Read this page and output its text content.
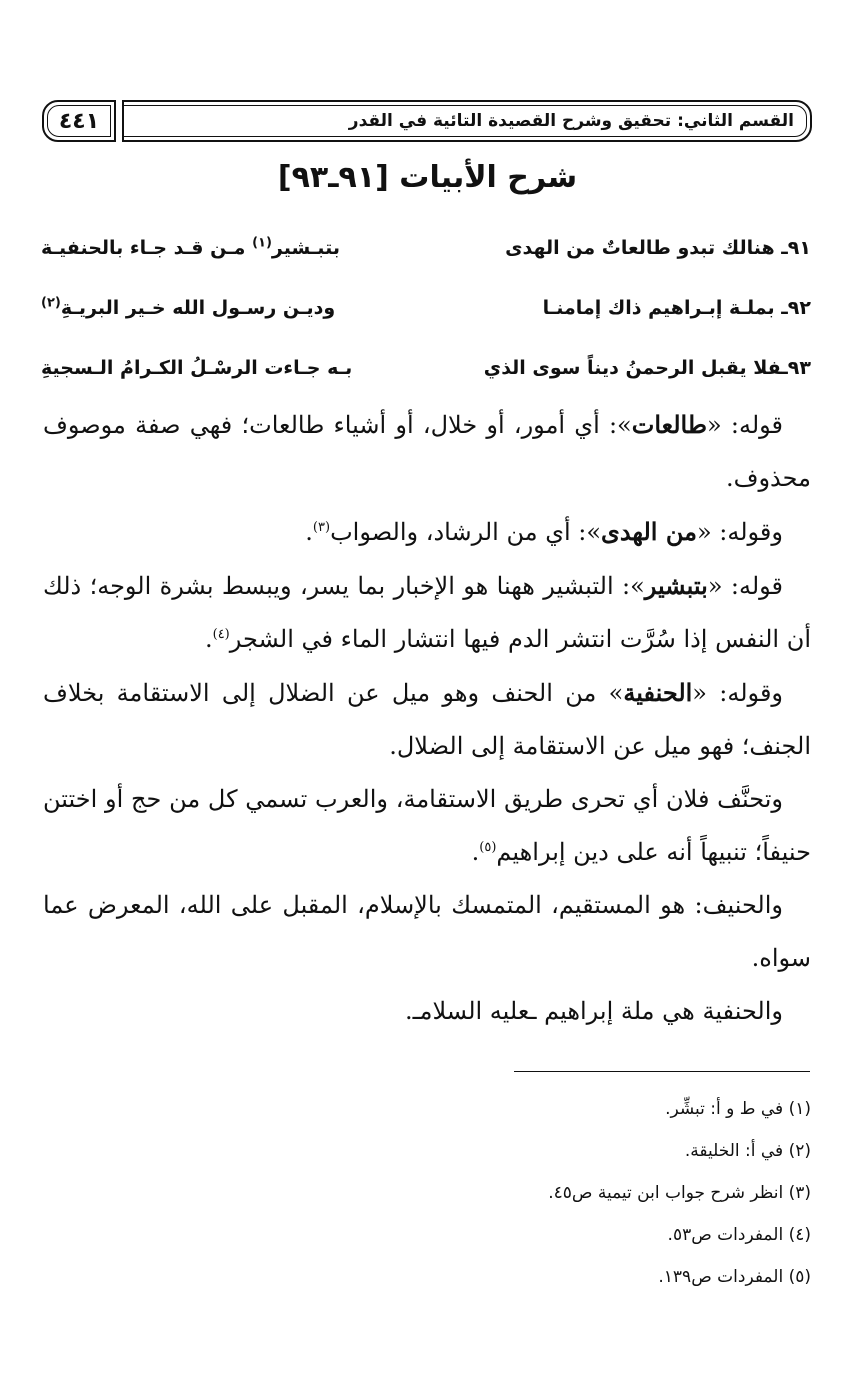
القسم الثاني: تحقيق وشرح القصيدة التائية في القدر
٤٤١
شرح الأبيات [٩١ـ٩٣]
٩١ـ هنالك تبدو طالعاتٌ من الهدى
بتبـشير$^{(١)}$ مـن قـد جـاء بالحنفيـة
٩٢ـ بملـة إبـراهيم ذاك إمامنـا
وديـن رسـول الله خـير البريـةِ$^{(٢)}$
٩٣ـفلا يقبل الرحمنُ ديناً سوى الذي
بـه جـاءت الرسْـلُ الكـرامُ الـسجيةِ

قوله: «طالعات»: أي أمور، أو خلال، أو أشياء طالعات؛ فهي صفة موصوف محذوف.

وقوله: «من الهدى»: أي من الرشاد، والصواب$^{(٣)}$.

قوله: «بتبشير»: التبشير ههنا هو الإخبار بما يسر، ويبسط بشرة الوجه؛ ذلك أن النفس إذا سُرَّت انتشر الدم فيها انتشار الماء في الشجر$^{(٤)}$.

وقوله: «الحنفية» من الحنف وهو ميل عن الضلال إلى الاستقامة بخلاف الجنف؛ فهو ميل عن الاستقامة إلى الضلال.

وتحنَّف فلان أي تحرى طريق الاستقامة، والعرب تسمي كل من حج أو اختتن حنيفاً؛ تنبيهاً أنه على دين إبراهيم$^{(٥)}$.

والحنيف: هو المستقيم، المتمسك بالإسلام، المقبل على الله، المعرض عما سواه.

والحنفية هي ملة إبراهيم ـعليه السلامـ.

(١) في ط و أ: تبشِّر.
(٢) في أ: الخليقة.
(٣) انظر شرح جواب ابن تيمية ص٤٥.
(٤) المفردات ص٥٣.
(٥) المفردات ص١٣٩.
